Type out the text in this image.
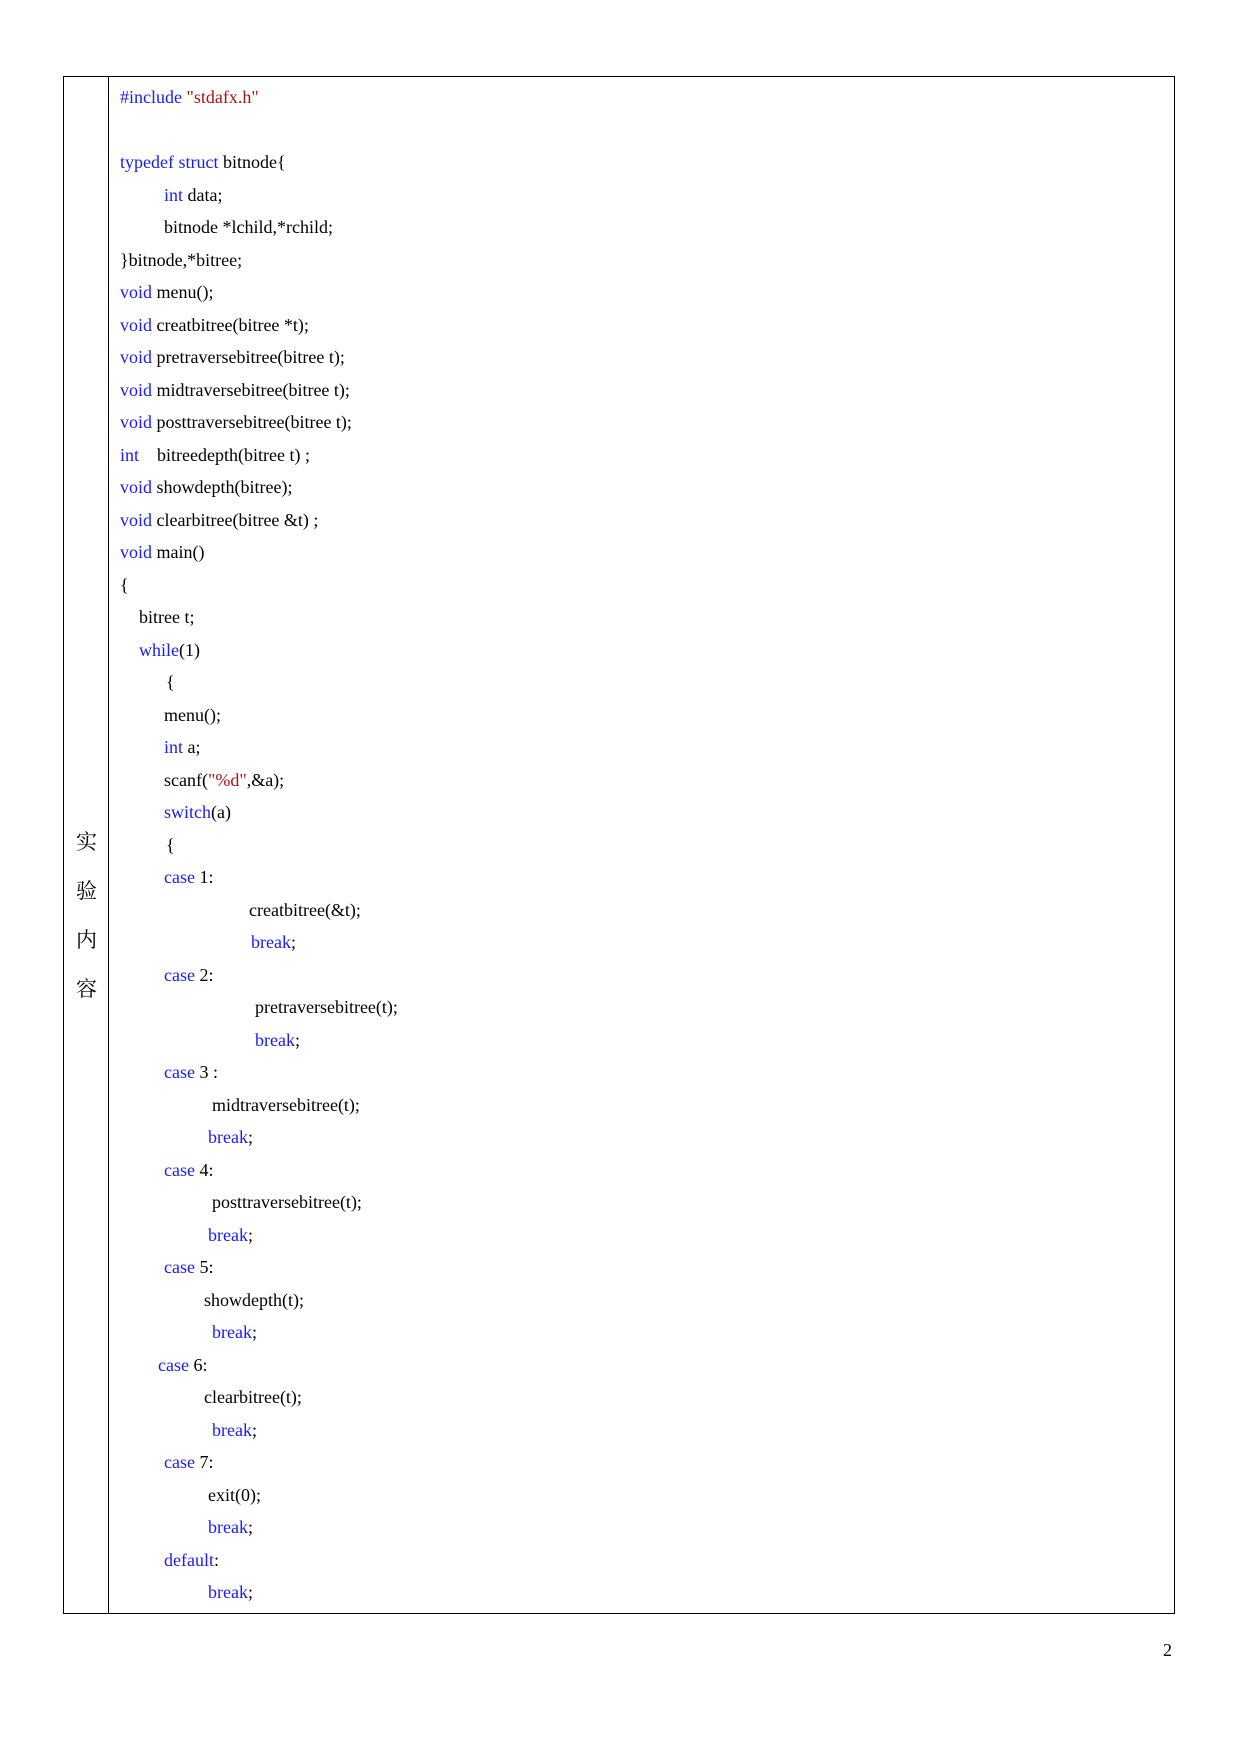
实
验
内
容
#include "stdafx.h"
typedef struct bitnode{
int data;
bitnode *lchild,*rchild;
}bitnode,*bitree;
void menu();
void creatbitree(bitree *t);
void pretraversebitree(bitree t);
void midtraversebitree(bitree t);
void posttraversebitree(bitree t);
int    bitreedepth(bitree t) ;
void showdepth(bitree);
void clearbitree(bitree &t) ;
void main()
{
bitree t;
while(1)
{
menu();
int a;
scanf("%d",&a);
switch(a)
{
case 1:
creatbitree(&t);
break;
case 2:
pretraversebitree(t);
break;
case 3 :
midtraversebitree(t);
break;
case 4:
posttraversebitree(t);
break;
case 5:
showdepth(t);
break;
case 6:
clearbitree(t);
break;
case 7:
exit(0);
break;
default:
break;
2
